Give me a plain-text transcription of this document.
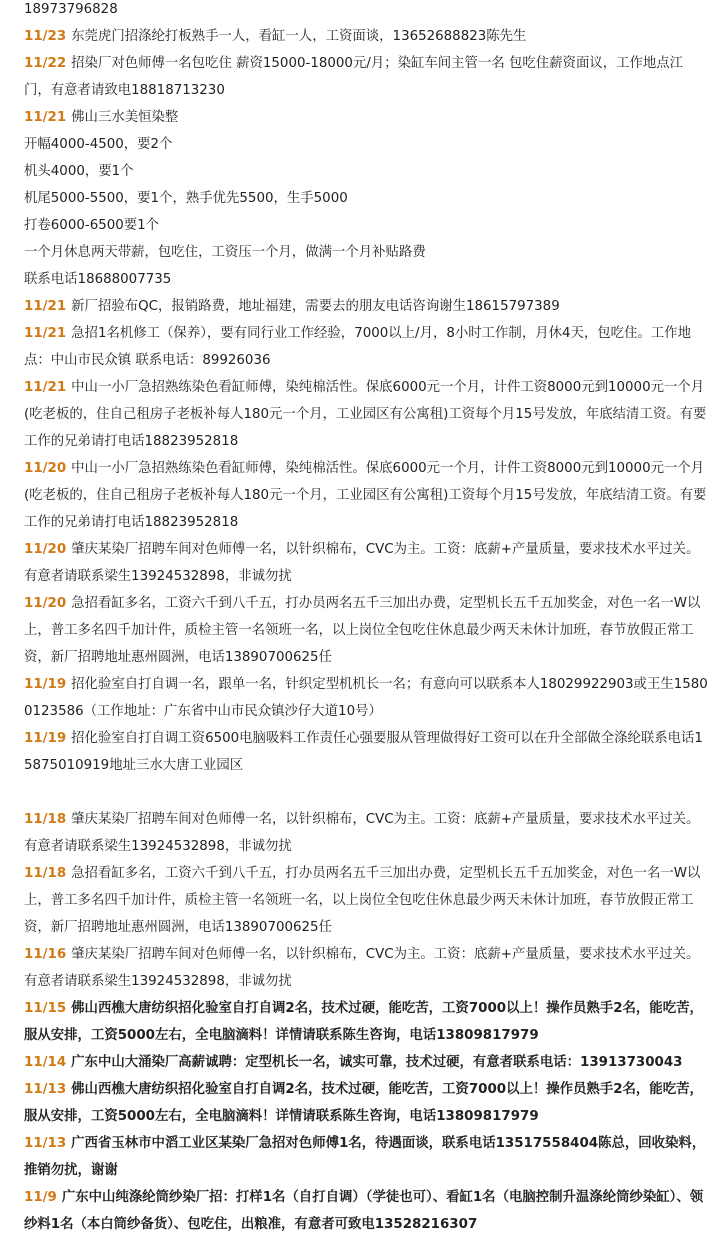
18973796828

11/23 东莞虎门招涤纶打板熟手一人，看缸一人，工资面谈，13652688823陈先生

11/22 招染厂对色师傅一名包吃住 薪资15000-18000元/月；染缸车间主管一名 包吃住薪资面议，工作地点江门，有意者请致电18818713230

11/21 佛山三水美恒染整

开幅4000-4500，要2个

机头4000，要1个

机尾5000-5500，要1个，熟手优先5500，生手5000

打卷6000-6500要1个

一个月休息两天带薪，包吃住，工资压一个月，做满一个月补贴路费

联系电话18688007735

11/21 新厂招验布QC，报销路费，地址福建，需要去的朋友电话咨询谢生18615797389

11/21 急招1名机修工（保养），要有同行业工作经验，7000以上/月，8小时工作制，月休4天，包吃住。工作地点：中山市民众镇 联系电话：89926036

11/21 中山一小厂急招熟练染色看缸师傅，染纯棉活性。保底6000元一个月，计件工资8000元到10000元一个月(吃老板的，住自己租房子老板补每人180元一个月，工业园区有公寓租)工资每个月15号发放，年底结清工资。有要工作的兄弟请打电话18823952818

11/20 中山一小厂急招熟练染色看缸师傅，染纯棉活性。保底6000元一个月，计件工资8000元到10000元一个月(吃老板的，住自己租房子老板补每人180元一个月，工业园区有公寓租)工资每个月15号发放，年底结清工资。有要工作的兄弟请打电话18823952818

11/20 肇庆某染厂招聘车间对色师傅一名，以针织棉布，CVC为主。工资：底薪+产量质量，要求技术水平过关。有意者请联系梁生13924532898，非诚勿扰

11/20 急招看缸多名，工资六千到八千五，打办员两名五千三加出办费，定型机长五千五加奖金，对色一名一W以上，普工多名四千加计件，质检主管一名领班一名，以上岗位全包吃住休息最少两天未休计加班，春节放假正常工资，新厂招聘地址惠州圆洲，电话13890700625任

11/19 招化验室自打自调一名，跟单一名，针织定型机机长一名；有意向可以联系本人18029922903或王生15800123586（工作地址：广东省中山市民众镇沙仔大道10号）

11/19 招化验室自打自调工资6500电脑吸料工作责任心强要服从管理做得好工资可以在升全部做全涤纶联系电话15875010919地址三水大唐工业园区

11/18 肇庆某染厂招聘车间对色师傅一名，以针织棉布，CVC为主。工资：底薪+产量质量，要求技术水平过关。有意者请联系梁生13924532898，非诚勿扰

11/18 急招看缸多名，工资六千到八千五，打办员两名五千三加出办费，定型机长五千五加奖金，对色一名一W以上，普工多名四千加计件，质检主管一名领班一名，以上岗位全包吃住休息最少两天未休计加班，春节放假正常工资，新厂招聘地址惠州圆洲，电话13890700625任

11/16 肇庆某染厂招聘车间对色师傅一名，以针织棉布，CVC为主。工资：底薪+产量质量，要求技术水平过关。有意者请联系梁生13924532898，非诚勿扰

11/15 佛山西樵大唐纺织招化验室自打自调2名，技术过硬，能吃苦，工资7000以上！操作员熟手2名，能吃苦，服从安排，工资5000左右，全电脑滴料！详情请联系陈生咨询，电话13809817979

11/14 广东中山大涌染厂高薪诚聘：定型机长一名，诚实可靠，技术过硬，有意者联系电话：13913730043

11/13 佛山西樵大唐纺织招化验室自打自调2名，技术过硬，能吃苦，工资7000以上！操作员熟手2名，能吃苦，服从安排，工资5000左右，全电脑滴料！详情请联系陈生咨询，电话13809817979

11/13 广西省玉林市中滔工业区某染厂急招对色师傅1名，待遇面谈，联系电话13517558404陈总，回收染料，推销勿扰，谢谢

11/9 广东中山纯涤纶筒纱染厂招：打样1名（自打自调）（学徒也可）、看缸1名（电脑控制升温涤纶筒纱染缸）、领纱料1名（本白筒纱备货）、包吃住，出粮准，有意者可致电13528216307
